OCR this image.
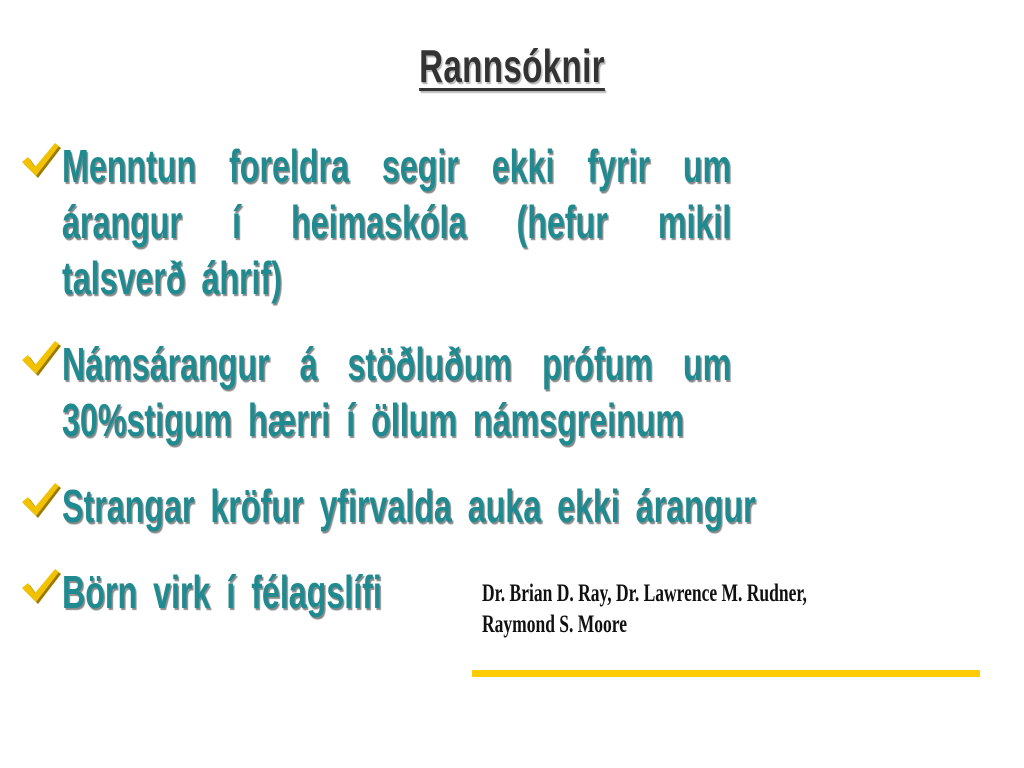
Rannsóknir
Menntun foreldra segir ekki fyrir um árangur í heimaskóla (hefur mikil talsverð áhrif)
Námsárangur á stöðluðum prófum um 30%stigum hærri í öllum námsgreinum
Strangar kröfur yfirvalda auka ekki árangur
Börn virk í félagslífi	Dr. Brian D. Ray, Dr. Lawrence M. Rudner,
Raymond S. Moore
